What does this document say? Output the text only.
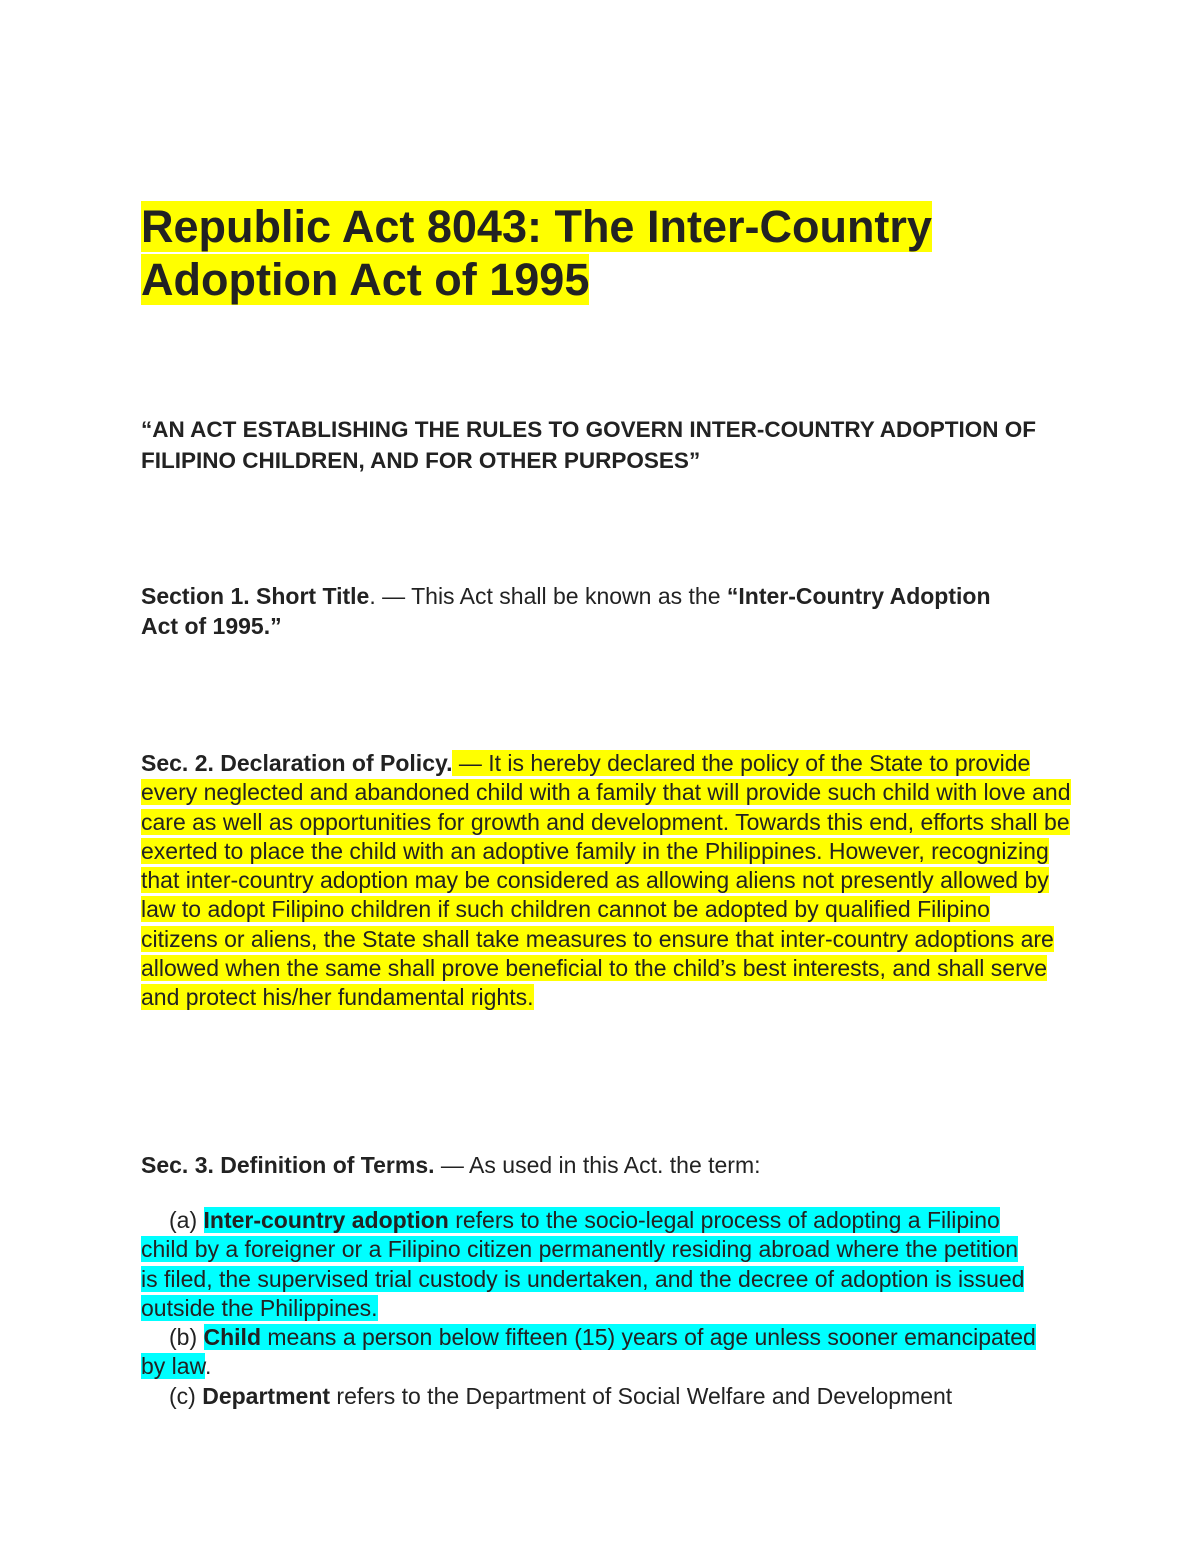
Republic Act 8043: The Inter-Country Adoption Act of 1995
“AN ACT ESTABLISHING THE RULES TO GOVERN INTER-COUNTRY ADOPTION OF FILIPINO CHILDREN, AND FOR OTHER PURPOSES”
Section 1. Short Title. — This Act shall be known as the “Inter-Country Adoption Act of 1995.”
Sec. 2. Declaration of Policy. — It is hereby declared the policy of the State to provide every neglected and abandoned child with a family that will provide such child with love and care as well as opportunities for growth and development. Towards this end, efforts shall be exerted to place the child with an adoptive family in the Philippines. However, recognizing that inter-country adoption may be considered as allowing aliens not presently allowed by law to adopt Filipino children if such children cannot be adopted by qualified Filipino citizens or aliens, the State shall take measures to ensure that inter-country adoptions are allowed when the same shall prove beneficial to the child’s best interests, and shall serve and protect his/her fundamental rights.
Sec. 3. Definition of Terms. — As used in this Act. the term:
(a) Inter-country adoption refers to the socio-legal process of adopting a Filipino child by a foreigner or a Filipino citizen permanently residing abroad where the petition is filed, the supervised trial custody is undertaken, and the decree of adoption is issued outside the Philippines.
(b) Child means a person below fifteen (15) years of age unless sooner emancipated by law.
(c) Department refers to the Department of Social Welfare and Development
